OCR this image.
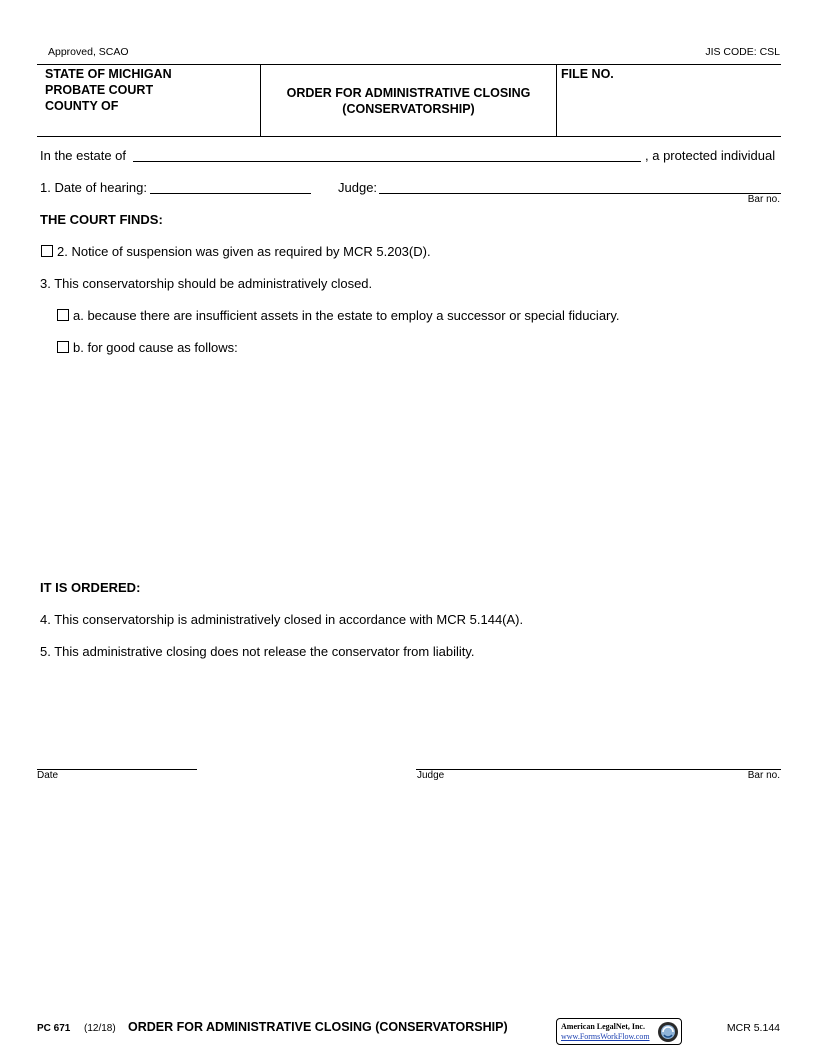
Approved, SCAO	JIS CODE: CSL
STATE OF MICHIGAN
PROBATE COURT
COUNTY OF
ORDER FOR ADMINISTRATIVE CLOSING
(CONSERVATORSHIP)
FILE NO.
In the estate of	, a protected individual
1. Date of hearing:	Judge:
Bar no.
THE COURT FINDS:
2. Notice of suspension was given as required by MCR 5.203(D).
3. This conservatorship should be administratively closed.
a. because there are insufficient assets in the estate to employ a successor or special fiduciary.
b. for good cause as follows:
IT IS ORDERED:
4. This conservatorship is administratively closed in accordance with MCR 5.144(A).
5. This administrative closing does not release the conservator from liability.
Date	Judge	Bar no.
PC 671 (12/18) ORDER FOR ADMINISTRATIVE CLOSING (CONSERVATORSHIP)	American LegalNet, Inc.
www.FormsWorkFlow.com
MCR 5.144
